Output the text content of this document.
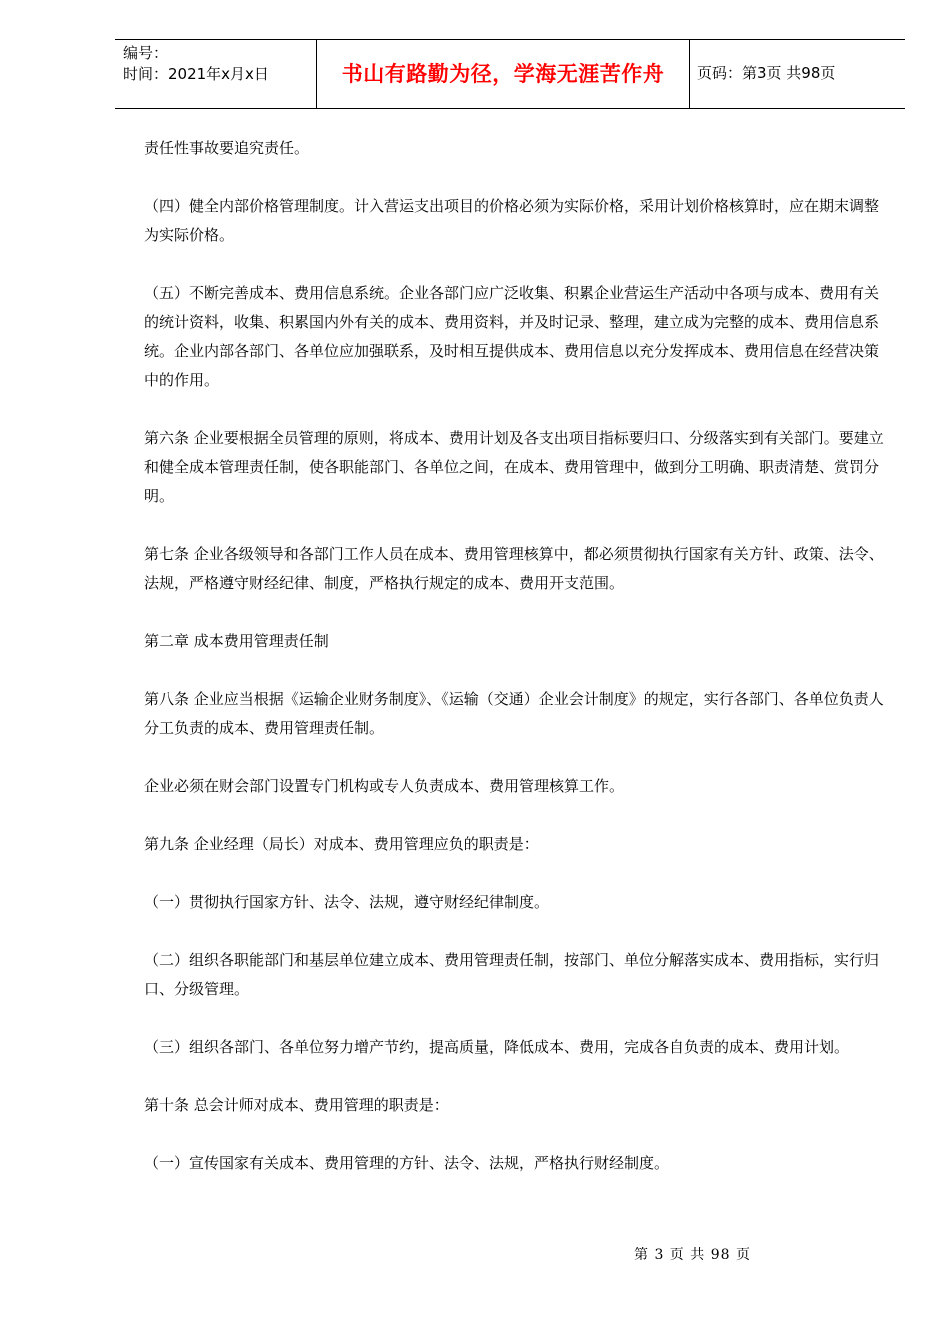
编号：
时间：2021年x月x日	书山有路勤为径，学海无涯苦作舟	页码：第3页 共98页

责任性事故要追究责任。

（四）健全内部价格管理制度。计入营运支出项目的价格必须为实际价格，采用计划价格核算时，应在期末调整为实际价格。

（五）不断完善成本、费用信息系统。企业各部门应广泛收集、积累企业营运生产活动中各项与成本、费用有关的统计资料，收集、积累国内外有关的成本、费用资料，并及时记录、整理，建立成为完整的成本、费用信息系统。企业内部各部门、各单位应加强联系，及时相互提供成本、费用信息以充分发挥成本、费用信息在经营决策中的作用。

第六条 企业要根据全员管理的原则，将成本、费用计划及各支出项目指标要归口、分级落实到有关部门。要建立和健全成本管理责任制，使各职能部门、各单位之间，在成本、费用管理中，做到分工明确、职责清楚、赏罚分明。

第七条 企业各级领导和各部门工作人员在成本、费用管理核算中，都必须贯彻执行国家有关方针、政策、法令、法规，严格遵守财经纪律、制度，严格执行规定的成本、费用开支范围。

第二章 成本费用管理责任制

第八条 企业应当根据《运输企业财务制度》、《运输（交通）企业会计制度》的规定，实行各部门、各单位负责人分工负责的成本、费用管理责任制。

企业必须在财会部门设置专门机构或专人负责成本、费用管理核算工作。

第九条 企业经理（局长）对成本、费用管理应负的职责是：

（一）贯彻执行国家方针、法令、法规，遵守财经纪律制度。

（二）组织各职能部门和基层单位建立成本、费用管理责任制，按部门、单位分解落实成本、费用指标，实行归口、分级管理。

（三）组织各部门、各单位努力增产节约，提高质量，降低成本、费用，完成各自负责的成本、费用计划。

第十条 总会计师对成本、费用管理的职责是：

（一）宣传国家有关成本、费用管理的方针、法令、法规，严格执行财经制度。

第 3 页 共 98 页
